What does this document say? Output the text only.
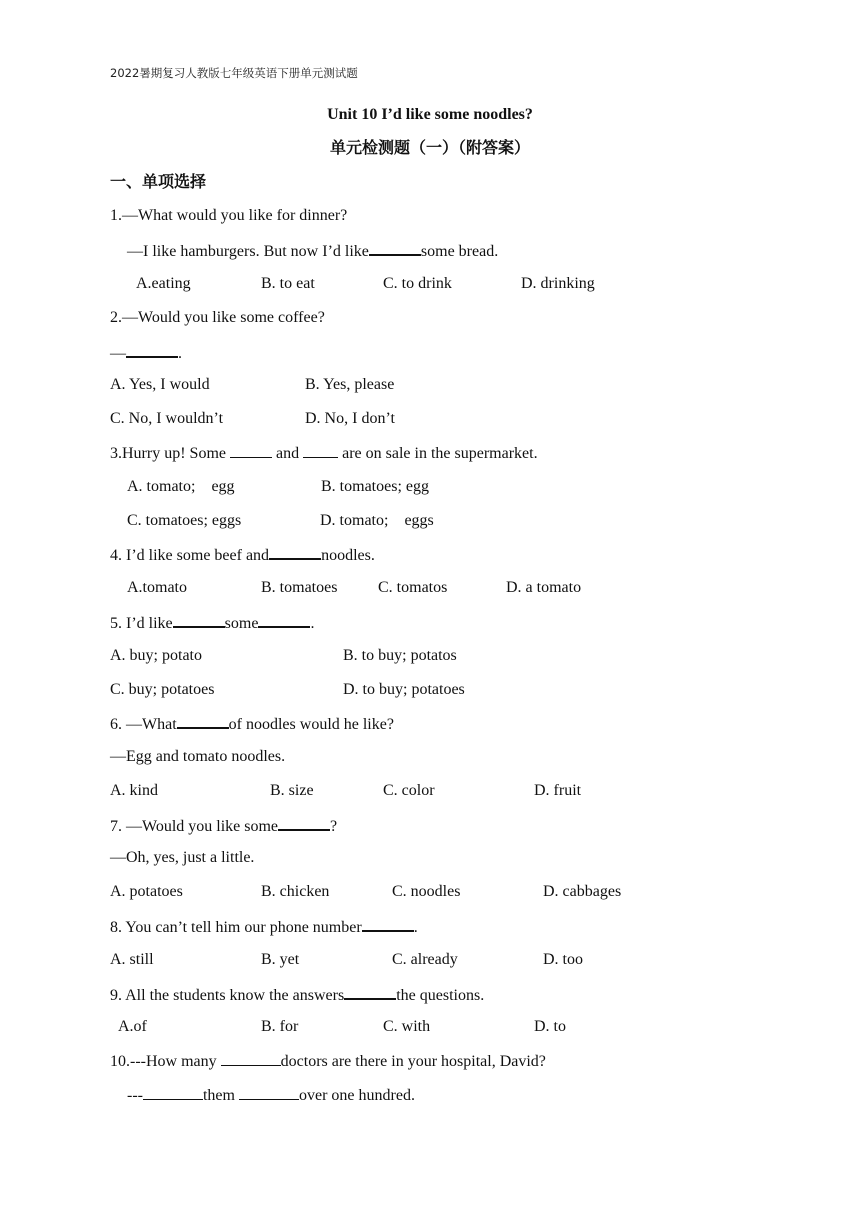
2022暑期复习人教版七年级英语下册单元测试题
Unit 10 I’d like some noodles?
单元检测题（一）（附答案）
一、单项选择
1.—What would you like for dinner?
—I like hamburgers. But now I’d like	some bread.
A.eating	B. to eat	C. to drink	D. drinking
2.—Would you like some coffee?
—	.
A. Yes, I would	B. Yes, please
C. No, I wouldn’t	D. No, I don’t
3.Hurry up! Some	and  are on sale in the supermarket.
A. tomato;    egg	B. tomatoes; egg
C. tomatoes; eggs	D. tomato;    eggs
4. I’d like some beef and	noodles.
A.tomato	B. tomatoes	C. tomatos	D. a tomato
5. I’d like	some	.
A. buy; potato	B. to buy; potatos
C. buy; potatoes	D. to buy; potatoes
6. —What	of noodles would he like?
—Egg and tomato noodles.
A. kind	B. size	C. color	D. fruit
7. —Would you like some	?
—Oh, yes, just a little.
A. potatoes	B. chicken	C. noodles	D. cabbages
8. You can’t tell him our phone number	.
A. still	B. yet	C. already	D. too
9. All the students know the answers	the questions.
A.of	B. for	C. with	D. to
10.---How many	doctors are there in your hospital, David?
---	them	over one hundred.
